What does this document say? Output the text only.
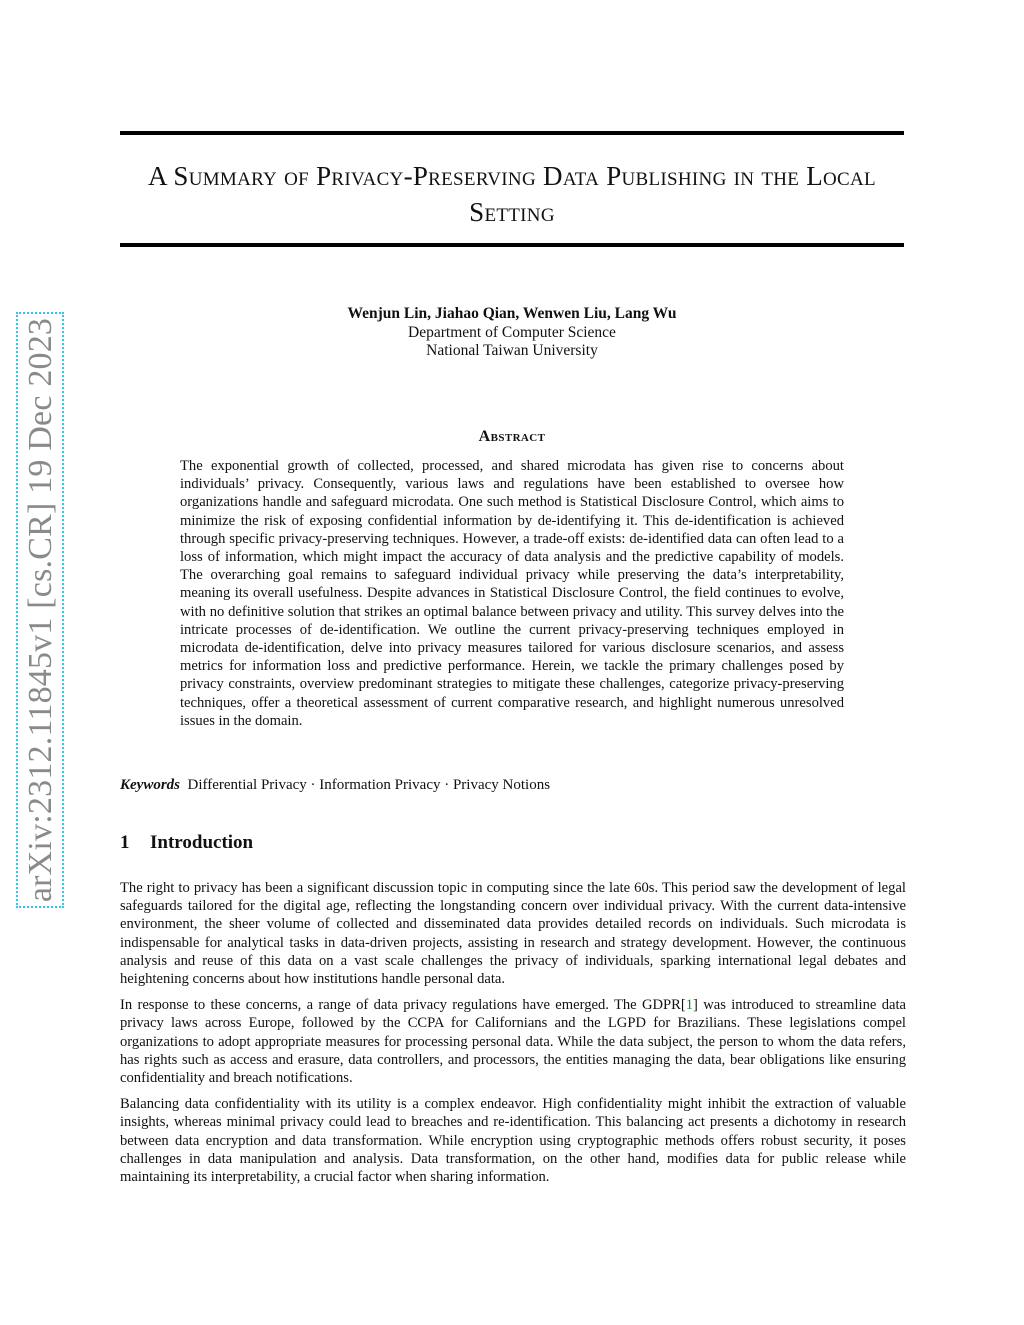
arXiv:2312.11845v1 [cs.CR] 19 Dec 2023
A Summary of Privacy-Preserving Data Publishing in the Local Setting
Wenjun Lin, Jiahao Qian, Wenwen Liu, Lang Wu
Department of Computer Science
National Taiwan University
Abstract

The exponential growth of collected, processed, and shared microdata has given rise to concerns about individuals’ privacy. Consequently, various laws and regulations have been established to oversee how organizations handle and safeguard microdata. One such method is Statistical Disclosure Control, which aims to minimize the risk of exposing confidential information by de-identifying it. This de-identification is achieved through specific privacy-preserving techniques. However, a trade-off exists: de-identified data can often lead to a loss of information, which might impact the accuracy of data analysis and the predictive capability of models. The overarching goal remains to safeguard individual privacy while preserving the data’s interpretability, meaning its overall usefulness. Despite advances in Statistical Disclosure Control, the field continues to evolve, with no definitive solution that strikes an optimal balance between privacy and utility. This survey delves into the intricate processes of de-identification. We outline the current privacy-preserving techniques employed in microdata de-identification, delve into privacy measures tailored for various disclosure scenarios, and assess metrics for information loss and predictive performance. Herein, we tackle the primary challenges posed by privacy constraints, overview predominant strategies to mitigate these challenges, categorize privacy-preserving techniques, offer a theoretical assessment of current comparative research, and highlight numerous unresolved issues in the domain.

Keywords Differential Privacy · Information Privacy · Privacy Notions
1 Introduction

The right to privacy has been a significant discussion topic in computing since the late 60s. This period saw the development of legal safeguards tailored for the digital age, reflecting the longstanding concern over individual privacy. With the current data-intensive environment, the sheer volume of collected and disseminated data provides detailed records on individuals. Such microdata is indispensable for analytical tasks in data-driven projects, assisting in research and strategy development. However, the continuous analysis and reuse of this data on a vast scale challenges the privacy of individuals, sparking international legal debates and heightening concerns about how institutions handle personal data.

In response to these concerns, a range of data privacy regulations have emerged. The GDPR[1] was introduced to streamline data privacy laws across Europe, followed by the CCPA for Californians and the LGPD for Brazilians. These legislations compel organizations to adopt appropriate measures for processing personal data. While the data subject, the person to whom the data refers, has rights such as access and erasure, data controllers, and processors, the entities managing the data, bear obligations like ensuring confidentiality and breach notifications.

Balancing data confidentiality with its utility is a complex endeavor. High confidentiality might inhibit the extraction of valuable insights, whereas minimal privacy could lead to breaches and re-identification. This balancing act presents a dichotomy in research between data encryption and data transformation. While encryption using cryptographic methods offers robust security, it poses challenges in data manipulation and analysis. Data transformation, on the other hand, modifies data for public release while maintaining its interpretability, a crucial factor when sharing information.
